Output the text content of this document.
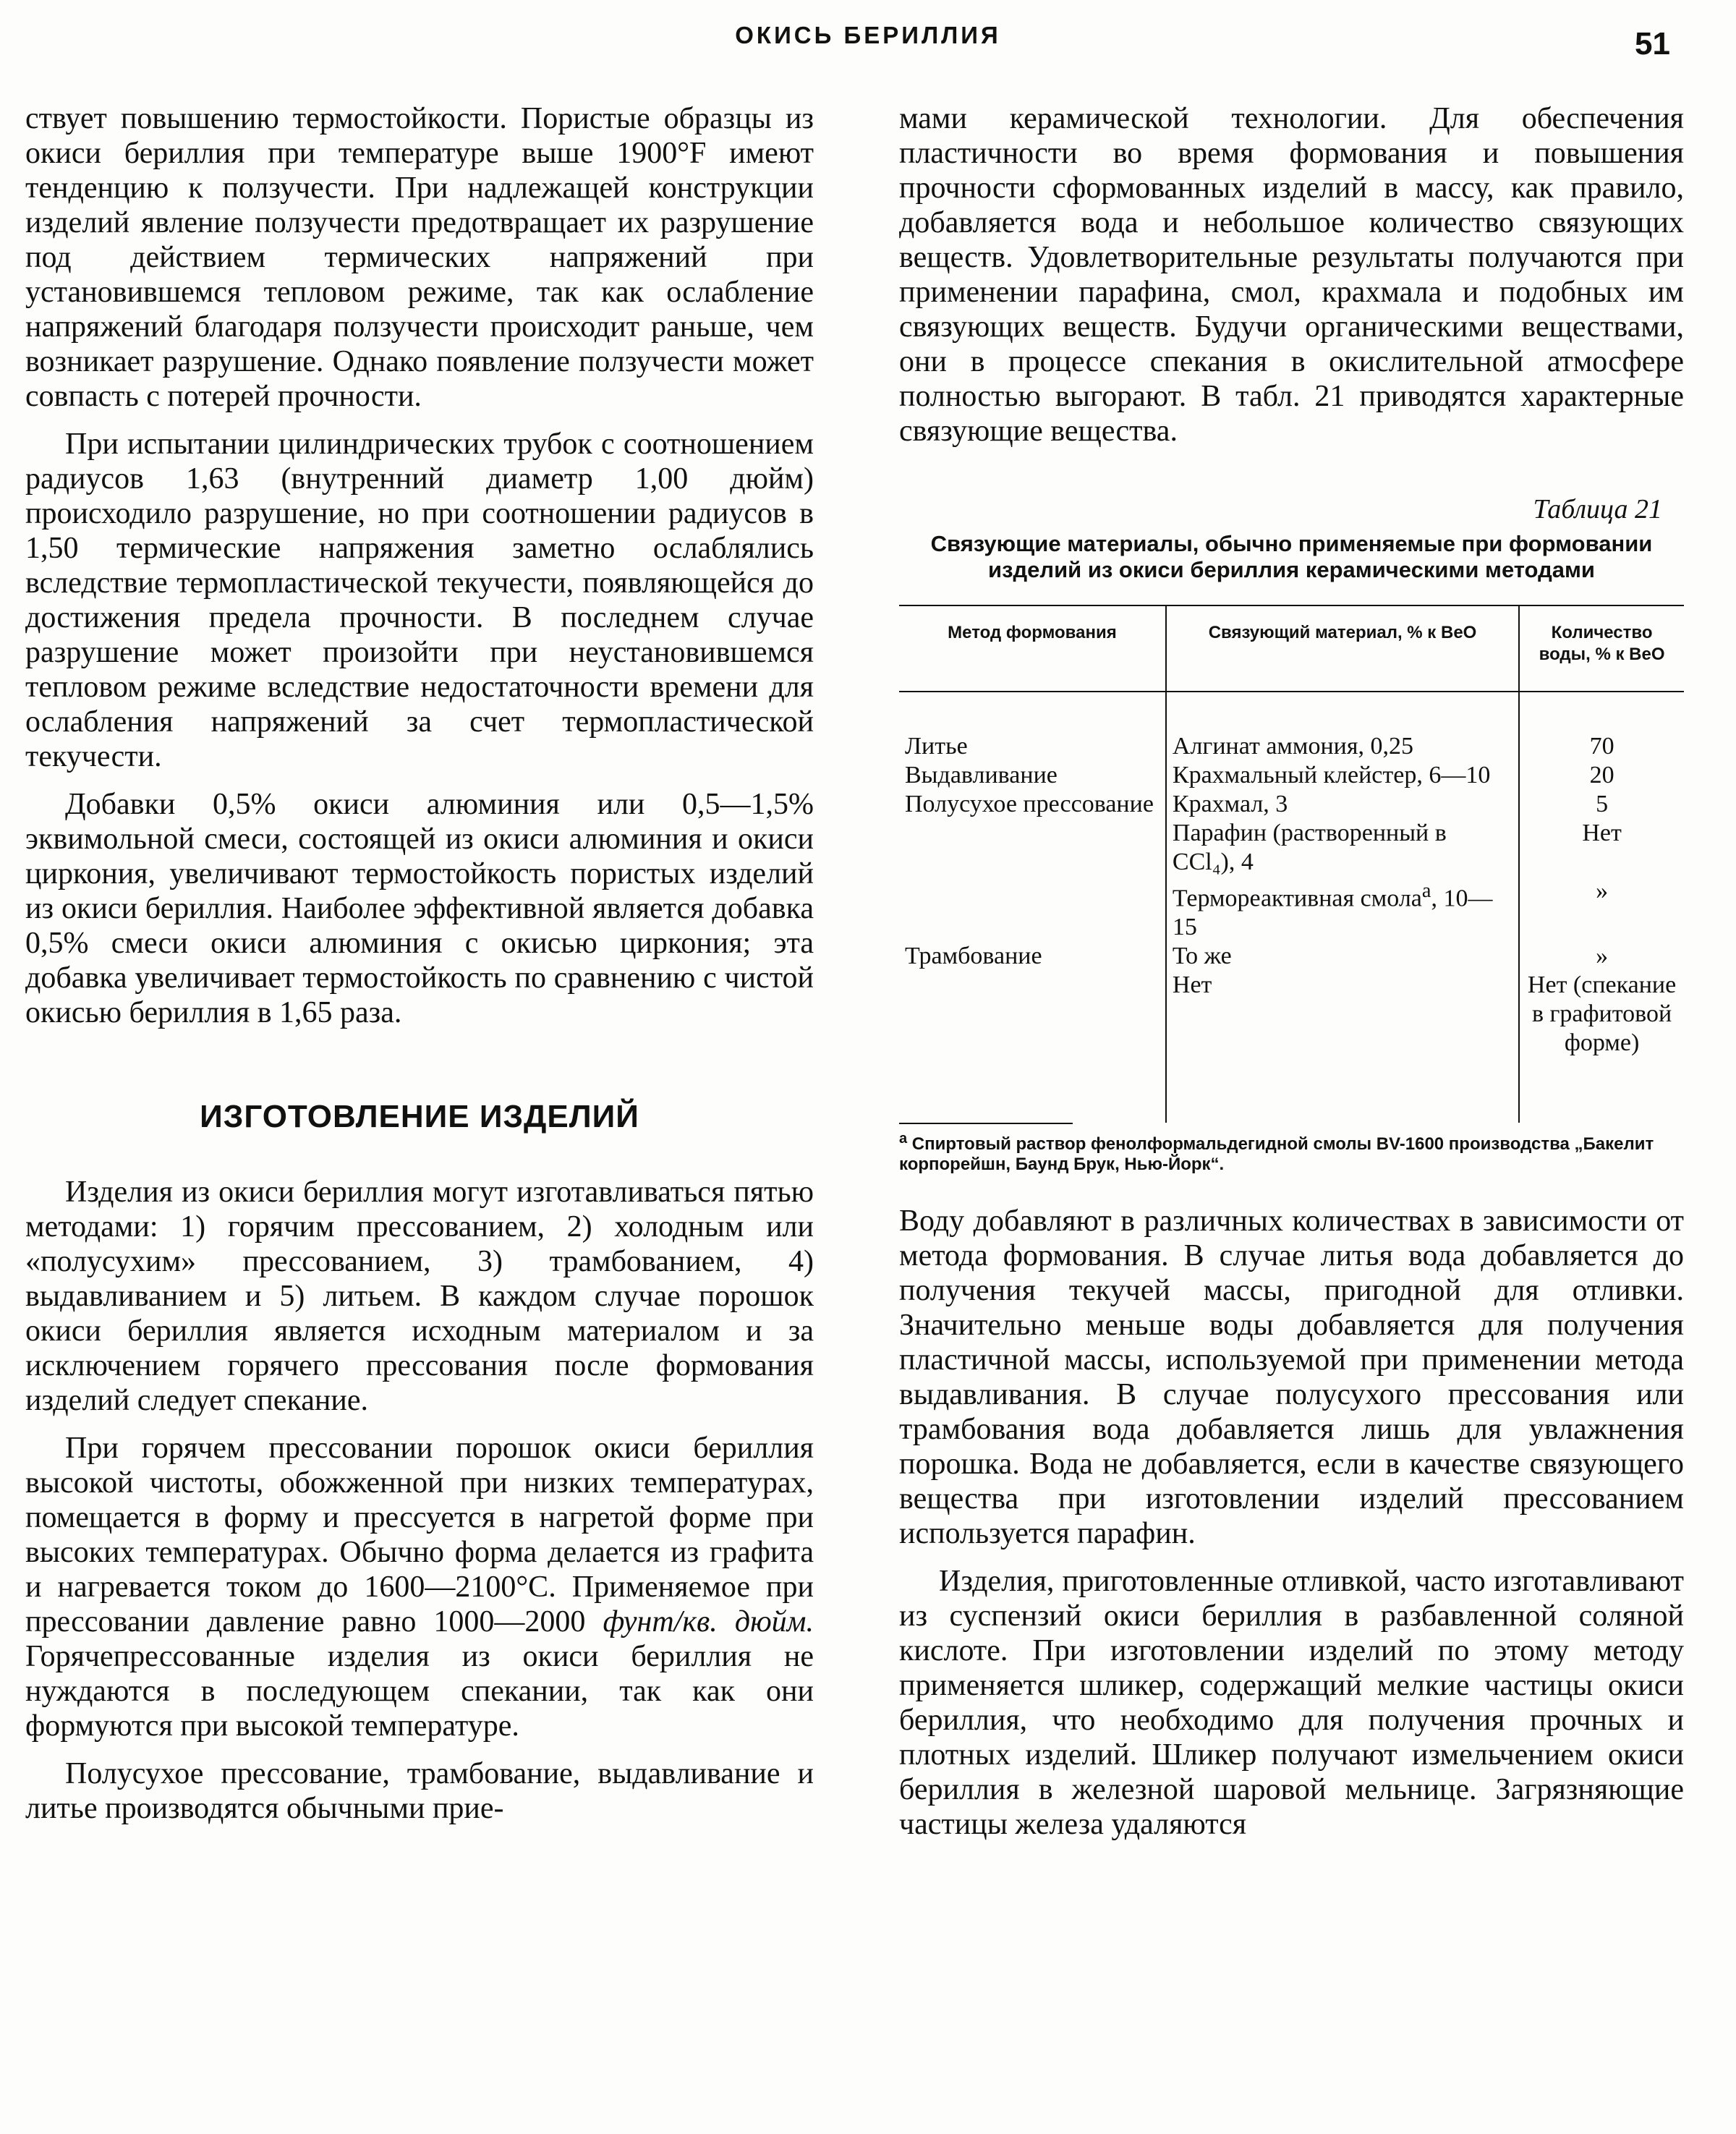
ОКИСЬ БЕРИЛЛИЯ	51

ствует повышению термостойкости. Пористые образцы из окиси бериллия при температуре выше 1900°F имеют тенденцию к ползучести. При надлежащей конструкции изделий явление ползучести предотвращает их разрушение под действием термических напряжений при установившемся тепловом режиме, так как ослабление напряжений благодаря ползучести происходит раньше, чем возникает разрушение. Однако появление ползучести может совпасть с потерей прочности.

При испытании цилиндрических трубок с соотношением радиусов 1,63 (внутренний диаметр 1,00 дюйм) происходило разрушение, но при соотношении радиусов в 1,50 термические напряжения заметно ослаблялись вследствие термопластической текучести, появляющейся до достижения предела прочности. В последнем случае разрушение может произойти при неустановившемся тепловом режиме вследствие недостаточности времени для ослабления напряжений за счет термопластической текучести.

Добавки 0,5% окиси алюминия или 0,5—1,5% эквимольной смеси, состоящей из окиси алюминия и окиси циркония, увеличивают термостойкость пористых изделий из окиси бериллия. Наиболее эффективной является добавка 0,5% смеси окиси алюминия с окисью циркония; эта добавка увеличивает термостойкость по сравнению с чистой окисью бериллия в 1,65 раза.

ИЗГОТОВЛЕНИЕ ИЗДЕЛИЙ

Изделия из окиси бериллия могут изготавливаться пятью методами: 1) горячим прессованием, 2) холодным или «полусухим» прессованием, 3) трамбованием, 4) выдавливанием и 5) литьем. В каждом случае порошок окиси бериллия является исходным материалом и за исключением горячего прессования после формования изделий следует спекание.

При горячем прессовании порошок окиси бериллия высокой чистоты, обожженной при низких температурах, помещается в форму и прессуется в нагретой форме при высоких температурах. Обычно форма делается из графита и нагревается током до 1600—2100°С. Применяемое при прессовании давление равно 1000—2000 фунт/кв. дюйм. Горячепрессованные изделия из окиси бериллия не нуждаются в последующем спекании, так как они формуются при высокой температуре.

Полусухое прессование, трамбование, выдавливание и литье производятся обычными прие-

мами керамической технологии. Для обеспечения пластичности во время формования и повышения прочности сформованных изделий в массу, как правило, добавляется вода и небольшое количество связующих веществ. Удовлетворительные результаты получаются при применении парафина, смол, крахмала и подобных им связующих веществ. Будучи органическими веществами, они в процессе спекания в окислительной атмосфере полностью выгорают. В табл. 21 приводятся характерные связующие вещества.

Таблица 21
Связующие материалы, обычно применяемые при формовании изделий из окиси бериллия керамическими методами
Метод формования	Связующий материал, % к BeO	Количество воды, % к BeO
Литье	Алгинат аммония, 0,25	70
Выдавливание	Крахмальный клейстер, 6—10	20
Полусухое прессование	Крахмал, 3	5
	Парафин (растворенный в CCl₄), 4	Нет
	Термореактивная смола$^а$, 10—15	»
Трамбование	То же	»
	Нет	Нет (спекание в графитовой форме)
$^а$ Спиртовый раствор фенолформальдегидной смолы BV-1600 производства „Бакелит корпорейшн, Баунд Брук, Нью-Йорк“.

Воду добавляют в различных количествах в зависимости от метода формования. В случае литья вода добавляется до получения текучей массы, пригодной для отливки. Значительно меньше воды добавляется для получения пластичной массы, используемой при применении метода выдавливания. В случае полусухого прессования или трамбования вода добавляется лишь для увлажнения порошка. Вода не добавляется, если в качестве связующего вещества при изготовлении изделий прессованием используется парафин.

Изделия, приготовленные отливкой, часто изготавливают из суспензий окиси бериллия в разбавленной соляной кислоте. При изготовлении изделий по этому методу применяется шликер, содержащий мелкие частицы окиси бериллия, что необходимо для получения прочных и плотных изделий. Шликер получают измельчением окиси бериллия в железной шаровой мельнице. Загрязняющие частицы железа удаляются
